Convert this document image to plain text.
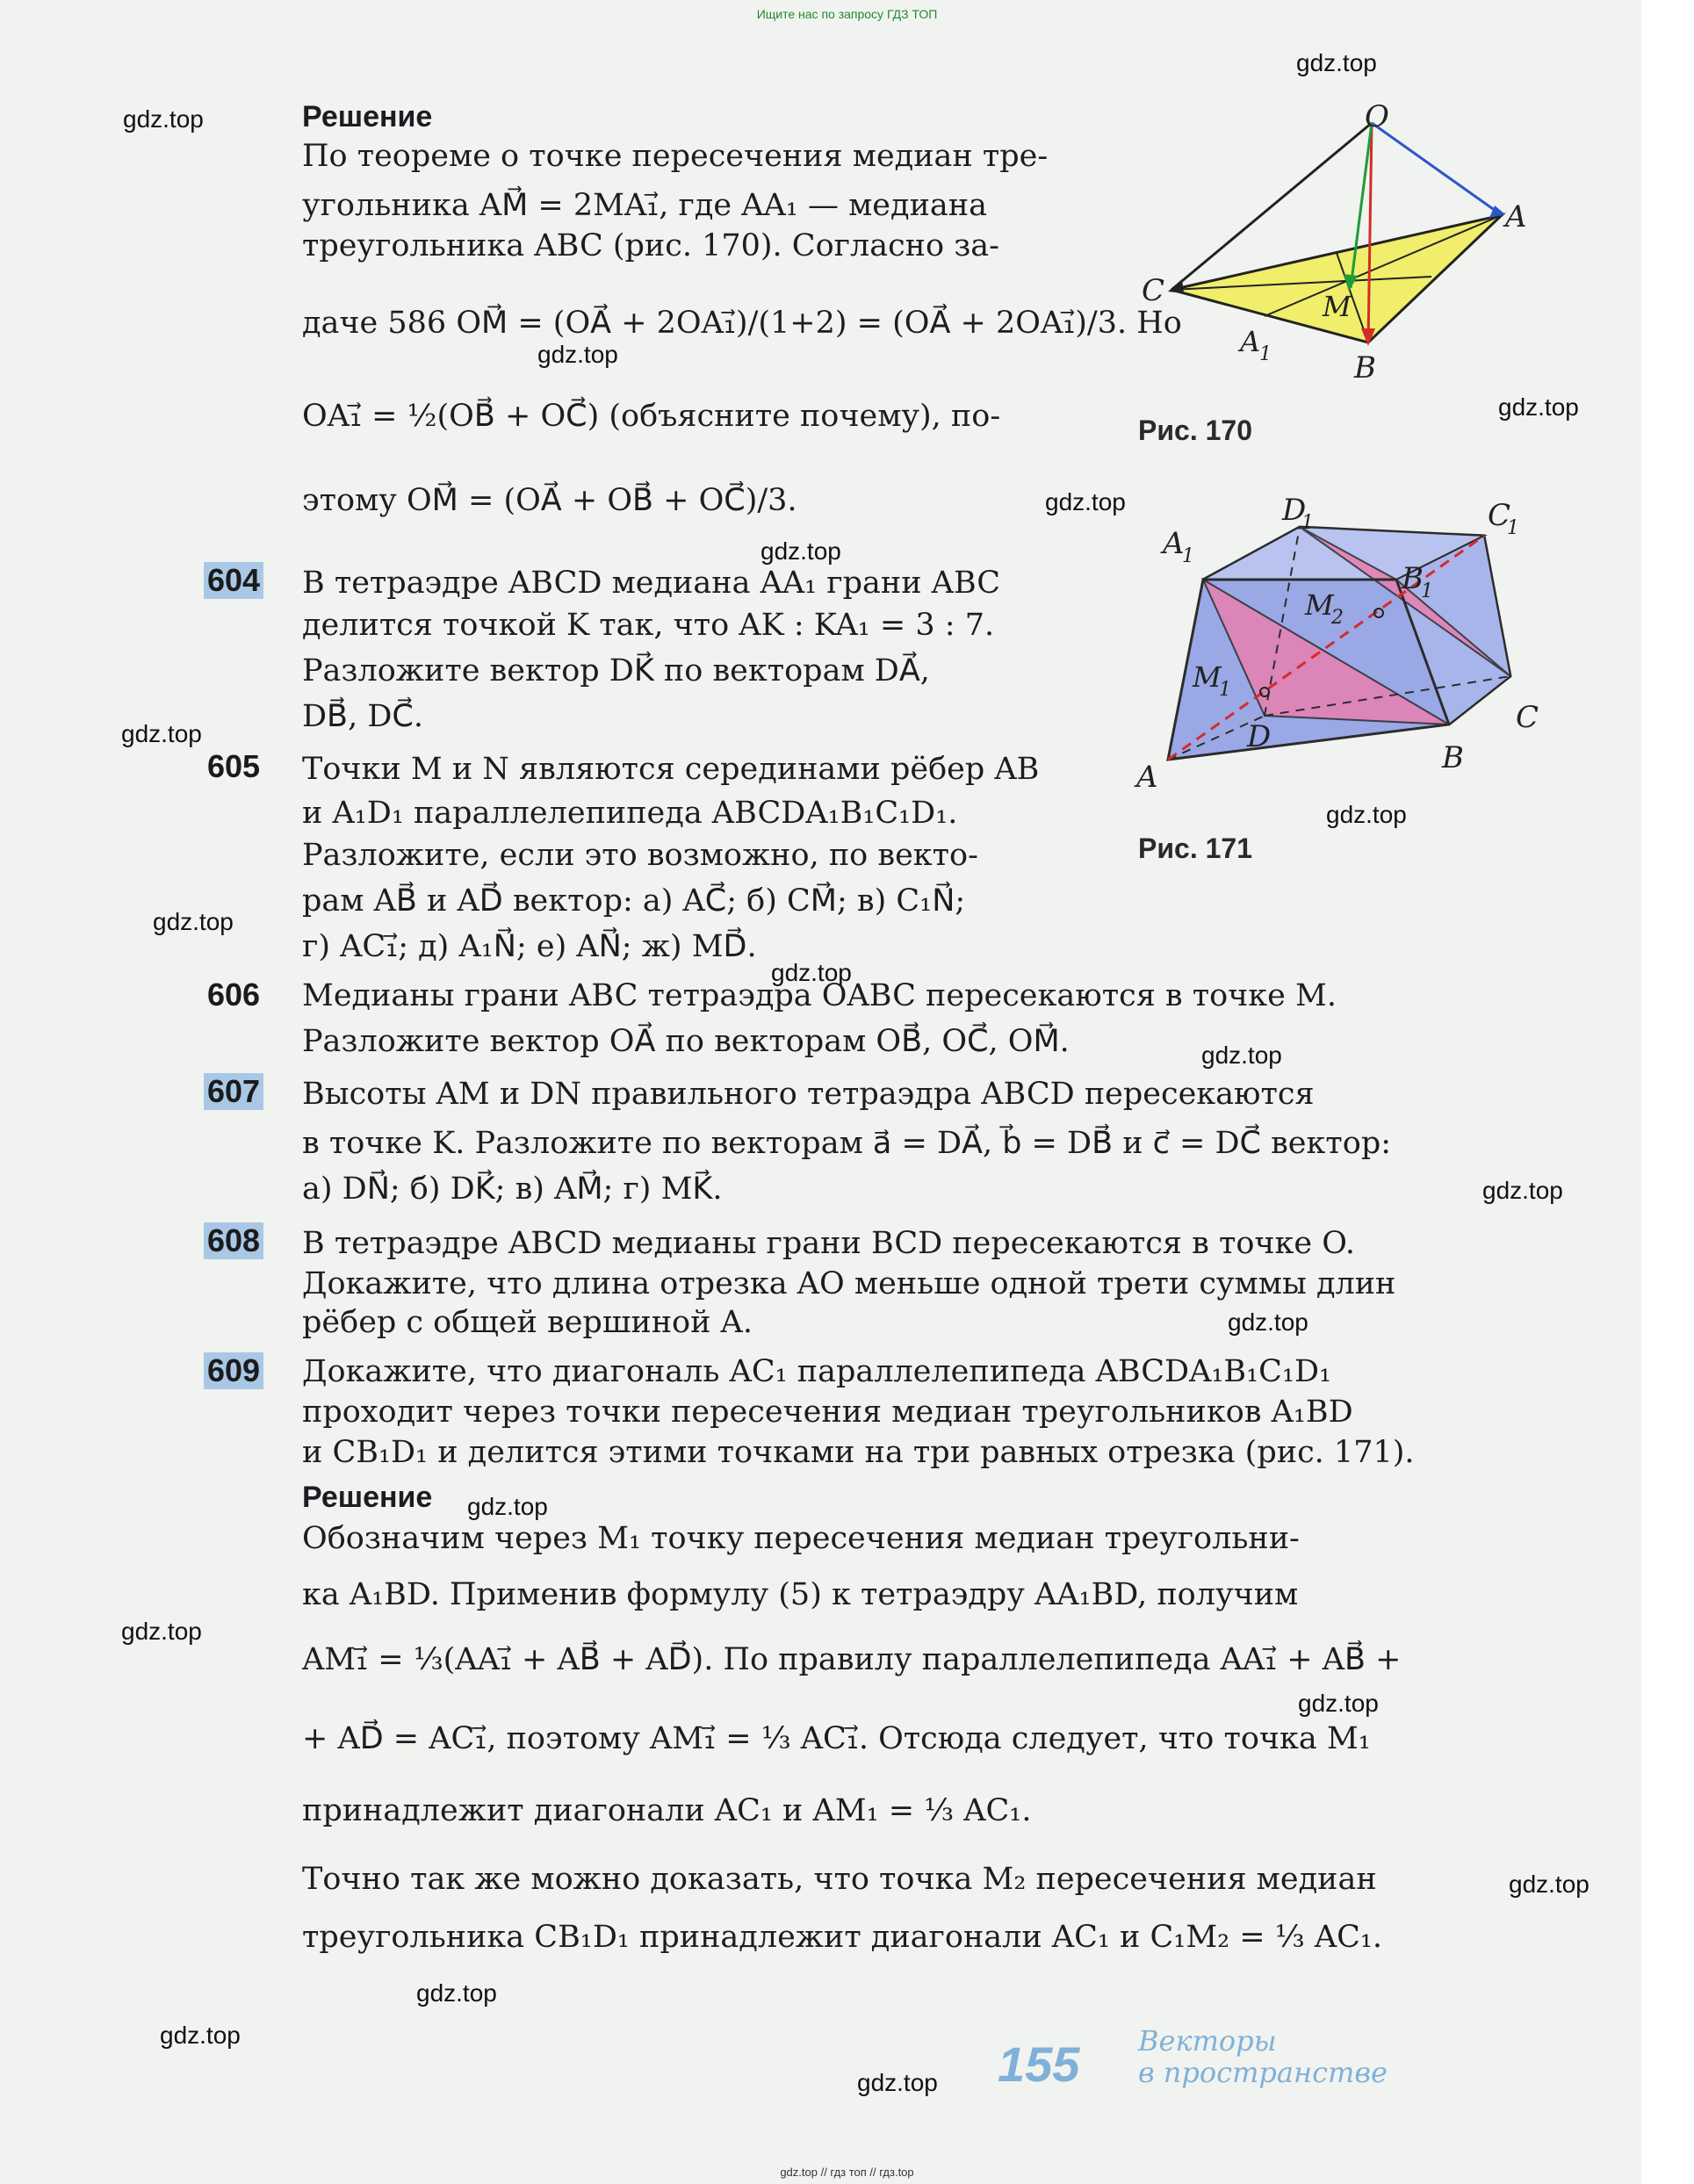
Ищите нас по запросу ГДЗ ТОП
gdz.top
gdz.top
gdz.top
gdz.top
gdz.top
gdz.top
gdz.top
gdz.top
gdz.top
gdz.top
gdz.top
gdz.top
gdz.top
gdz.top
gdz.top
gdz.top
gdz.top
gdz.top
gdz.top
gdz.top
Решение
По теореме о точке пересечения медиан тре-
угольника AM⃗ = 2MA₁⃗, где AA₁ — медиана
треугольника ABC (рис. 170). Согласно за-
даче 586 OM⃗ = (OA⃗ + 2OA₁⃗)/(1+2) = (OA⃗ + 2OA₁⃗)/3. Но
OA₁⃗ = ½(OB⃗ + OC⃗) (объясните почему), по-
этому OM⃗ = (OA⃗ + OB⃗ + OC⃗)/3.
604 В тетраэдре ABCD медиана AA₁ грани ABC
делится точкой K так, что AK : KA₁ = 3 : 7.
Разложите вектор DK⃗ по векторам DA⃗,
DB⃗, DC⃗.
605 Точки M и N являются серединами рёбер AB
и A₁D₁ параллелепипеда ABCDA₁B₁C₁D₁.
Разложите, если это возможно, по векто-
рам AB⃗ и AD⃗ вектор: а) AC⃗; б) CM⃗; в) C₁N⃗;
г) AC₁⃗; д) A₁N⃗; е) AN⃗; ж) MD⃗.
606 Медианы грани ABC тетраэдра OABC пересекаются в точке M.
Разложите вектор OA⃗ по векторам OB⃗, OC⃗, OM⃗.
607 Высоты AM и DN правильного тетраэдра ABCD пересекаются
в точке K. Разложите по векторам a⃗ = DA⃗, b⃗ = DB⃗ и c⃗ = DC⃗ вектор:
а) DN⃗; б) DK⃗; в) AM⃗; г) MK⃗.
608 В тетраэдре ABCD медианы грани BCD пересекаются в точке O.
Докажите, что длина отрезка AO меньше одной трети суммы длин
рёбер с общей вершиной A.
609 Докажите, что диагональ AC₁ параллелепипеда ABCDA₁B₁C₁D₁
проходит через точки пересечения медиан треугольников A₁BD
и CB₁D₁ и делится этими точками на три равных отрезка (рис. 171).
Решение
Обозначим через M₁ точку пересечения медиан треугольни-
ка A₁BD. Применив формулу (5) к тетраэдру AA₁BD, получим
AM₁⃗ = ⅓(AA₁⃗ + AB⃗ + AD⃗). По правилу параллелепипеда AA₁⃗ + AB⃗ +
+ AD⃗ = AC₁⃗, поэтому AM₁⃗ = ⅓ AC₁⃗. Отсюда следует, что точка M₁
принадлежит диагонали AC₁ и AM₁ = ⅓ AC₁.
Точно так же можно доказать, что точка M₂ пересечения медиан
треугольника CB₁D₁ принадлежит диагонали AC₁ и C₁M₂ = ⅓ AC₁.
O
A
B
C	M
A
1
Рис. 170
A
B
C
D
A
1
B
1
C
1
D
1
M
1
M
2
Рис. 171
155 Векторы
в пространстве
gdz.top // гдз топ // гдз.top
